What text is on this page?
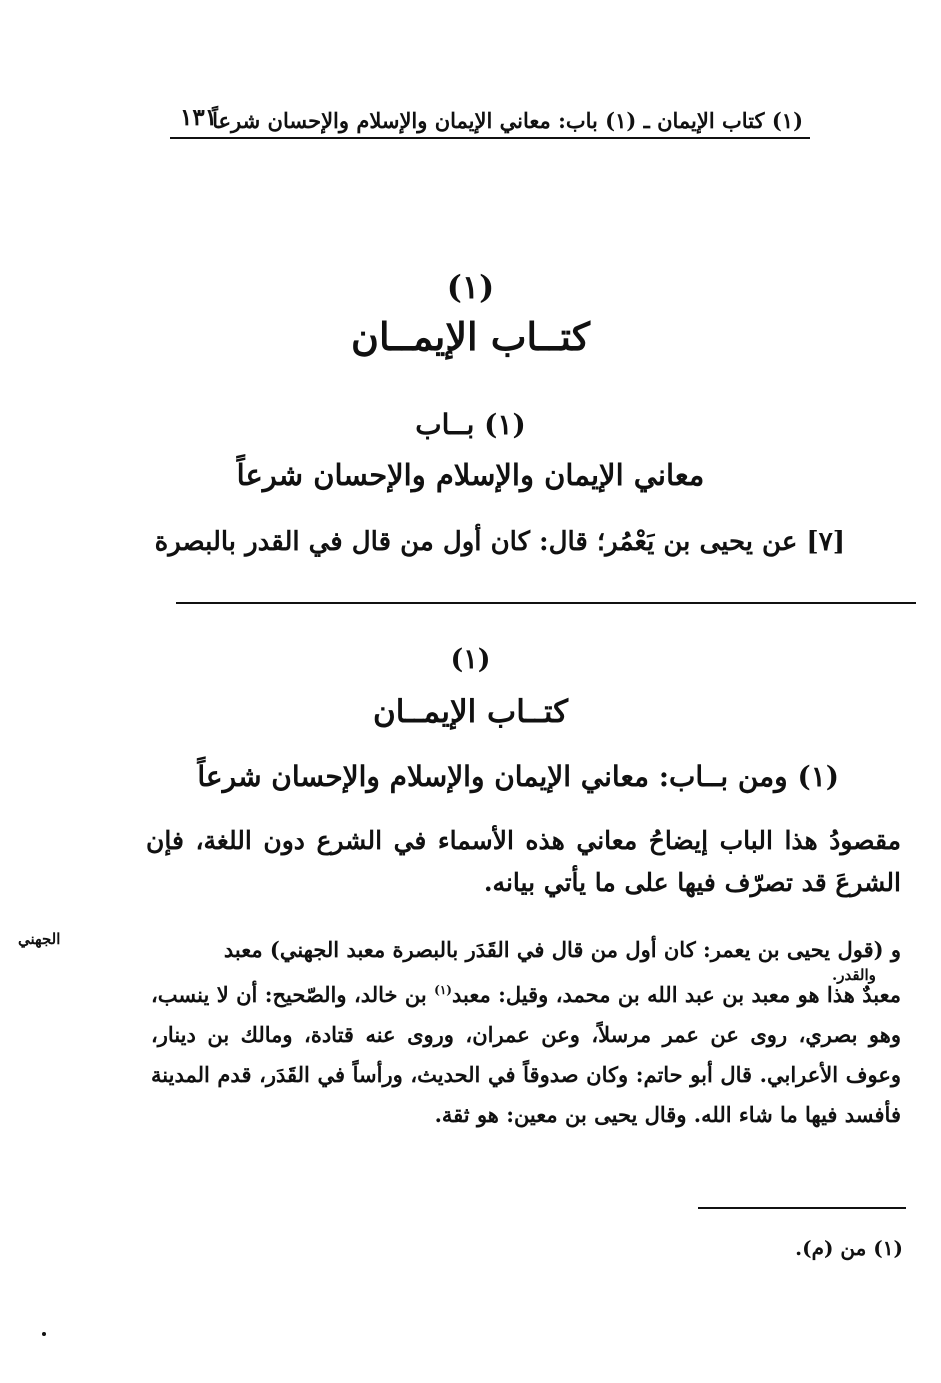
(١) كتاب الإيمان ـ (١) باب: معاني الإيمان والإسلام والإحسان شرعاً
١٣١
(١)
كتــاب الإيمــان
(١) بــاب
معاني الإيمان والإسلام والإحسان شرعاً
[٧] عن يحيى بن يَعْمُر؛ قال: كان أول من قال في القدر بالبصرة
(١)
كتــاب الإيمــان
(١) ومن بــاب: معاني الإيمان والإسلام والإحسان شرعاً
مقصودُ هذا الباب إيضاحُ معاني هذه الأسماء في الشرع دون اللغة، فإن الشرعَ قد تصرّف فيها على ما يأتي بيانه.
و (قول يحيى بن يعمر: كان أول من قال في القَدَر بالبصرة معبد الجهني) معبد
معبدٌ هذا هو معبد بن عبد الله بن محمد، وقيل: معبد$^{(١)}$ بن خالد، والصّحيح: أن لا ينسب، وهو بصري، روى عن عمر مرسلاً، وعن عمران، وروى عنه قتادة، ومالك بن دينار، وعوف الأعرابي. قال أبو حاتم: وكان صدوقاً في الحديث، ورأساً في القَدَر، قدم المدينة فأفسد فيها ما شاء الله. وقال يحيى بن معين: هو ثقة.
الجهني
والقدر.
(١) من (م).
